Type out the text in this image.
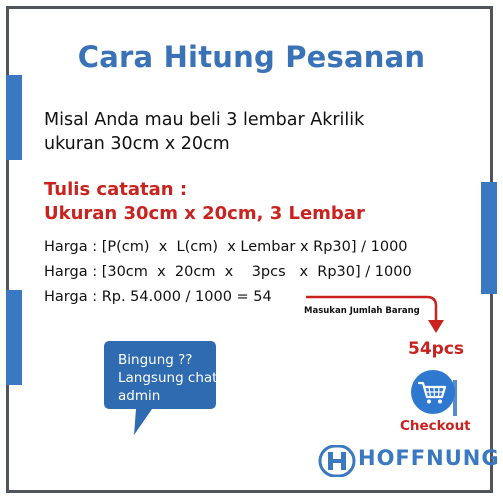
Cara Hitung Pesanan
Misal Anda mau beli 3 lembar Akrilik
ukuran 30cm x 20cm
Tulis catatan :
Ukuran 30cm x 20cm, 3 Lembar
Harga : [P(cm)  x  L(cm)  x Lembar x Rp30] / 1000
Harga : [30cm  x  20cm  x    3pcs   x  Rp30] / 1000
Harga : Rp. 54.000 / 1000 = 54
Masukan Jumlah Barang
54pcs
Checkout
Bingung ??
Langsung chat
admin
HOFFNUNG
